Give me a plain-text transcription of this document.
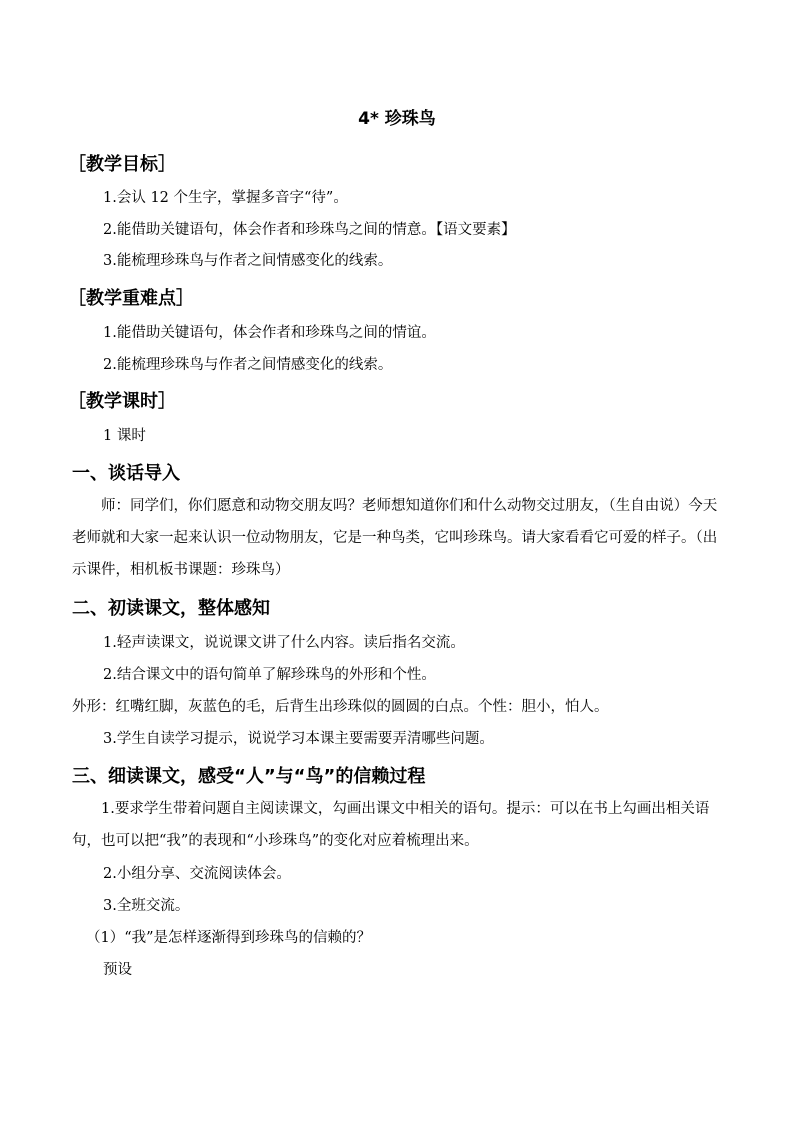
4* 珍珠鸟
［教学目标］
1.会认 12 个生字，掌握多音字“待”。
2.能借助关键语句，体会作者和珍珠鸟之间的情意。【语文要素】
3.能梳理珍珠鸟与作者之间情感变化的线索。
［教学重难点］
1.能借助关键语句，体会作者和珍珠鸟之间的情谊。
2.能梳理珍珠鸟与作者之间情感变化的线索。
［教学课时］
1 课时
一、谈话导入
师：同学们，你们愿意和动物交朋友吗？老师想知道你们和什么动物交过朋友，（生自由说）今天老师就和大家一起来认识一位动物朋友，它是一种鸟类，它叫珍珠鸟。请大家看看它可爱的样子。（出示课件，相机板书课题：珍珠鸟）
二、初读课文，整体感知
1.轻声读课文，说说课文讲了什么内容。读后指名交流。
2.结合课文中的语句简单了解珍珠鸟的外形和个性。
外形：红嘴红脚，灰蓝色的毛，后背生出珍珠似的圆圆的白点。个性：胆小，怕人。
3.学生自读学习提示，说说学习本课主要需要弄清哪些问题。
三、细读课文，感受“人”与“鸟”的信赖过程
1.要求学生带着问题自主阅读课文，勾画出课文中相关的语句。提示：可以在书上勾画出相关语句，也可以把“我”的表现和“小珍珠鸟”的变化对应着梳理出来。
2.小组分享、交流阅读体会。
3.全班交流。
（1）“我”是怎样逐渐得到珍珠鸟的信赖的？
预设
